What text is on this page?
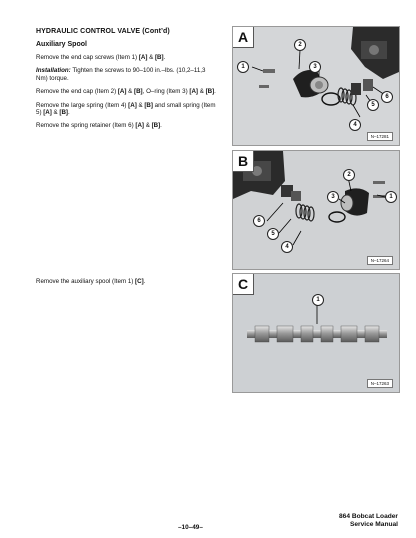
HYDRAULIC CONTROL VALVE (Cont’d)
Auxiliary Spool

Remove the end cap screws (Item 1) [A] & [B].

Installation: Tighten the screws to 90–100 in.–lbs. (10,2–11,3 Nm) torque.

Remove the end cap (Item 2) [A] & [B], O–ring (Item 3) [A] & [B].

Remove the large spring (Item 4) [A] & [B] and small spring (Item 5) [A] & [B].

Remove the spring retainer (Item 6) [A] & [B].

Remove the auxiliary spool (Item 1) [C].

A
1
2
3
4
5
6
N–17281
B
1
2
3
4
5
6
N–17264
C
1
N–17263
–10–49–
864 Bobcat Loader
Service Manual
